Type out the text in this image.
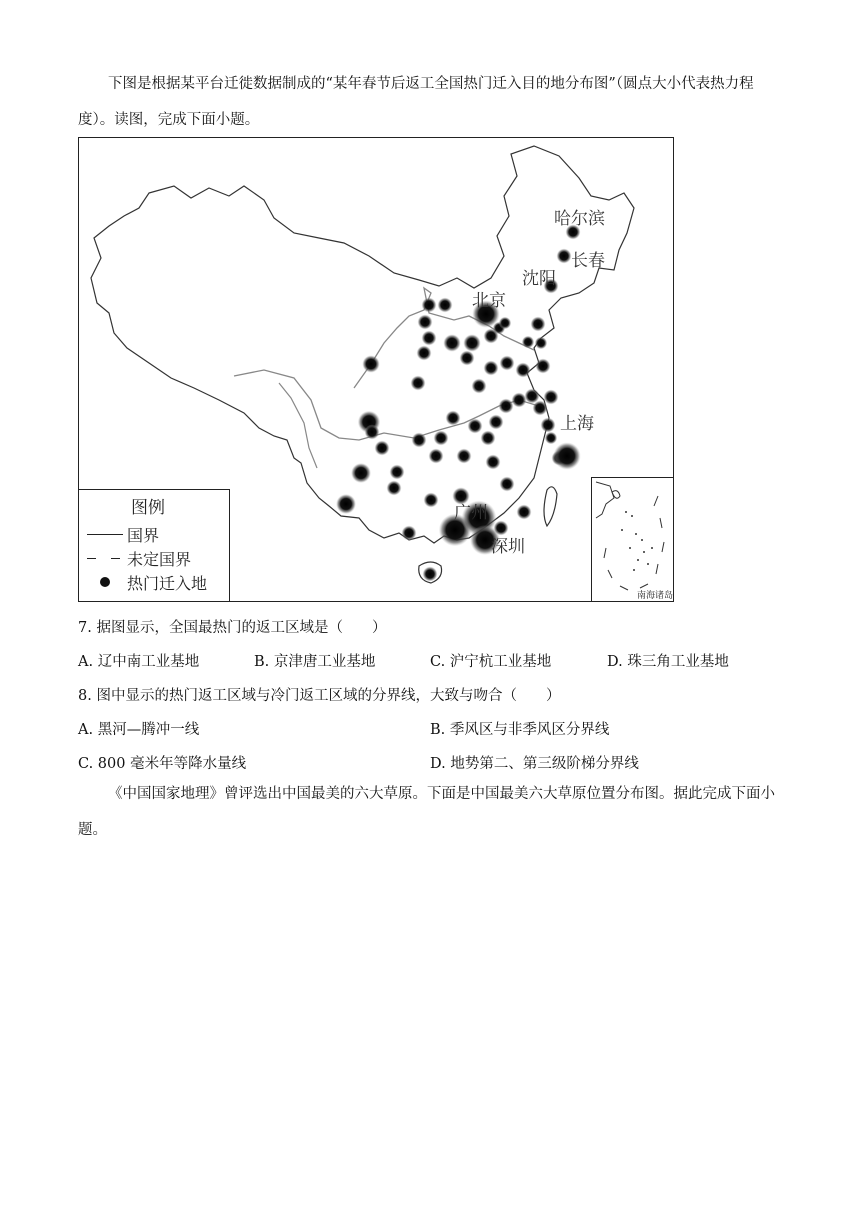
下图是根据某平台迁徙数据制成的“某年春节后返工全国热门迁入目的地分布图”（圆点大小代表热力程度）。读图，完成下面小题。

哈尔滨
长春
沈阳
北京
上海
广州
深圳
图例
国界
未定国界
热门迁入地
南海诸岛

7. 据图显示，全国最热门的返工区域是（　　）

A. 辽中南工业基地	B. 京津唐工业基地	C. 沪宁杭工业基地	D. 珠三角工业基地

8. 图中显示的热门返工区域与冷门返工区域的分界线，大致与吻合（　　）

A. 黑河—腾冲一线	B. 季风区与非季风区分界线
C. 800 毫米年等降水量线	D. 地势第二、第三级阶梯分界线

《中国国家地理》曾评选出中国最美的六大草原。下面是中国最美六大草原位置分布图。据此完成下面小题。
